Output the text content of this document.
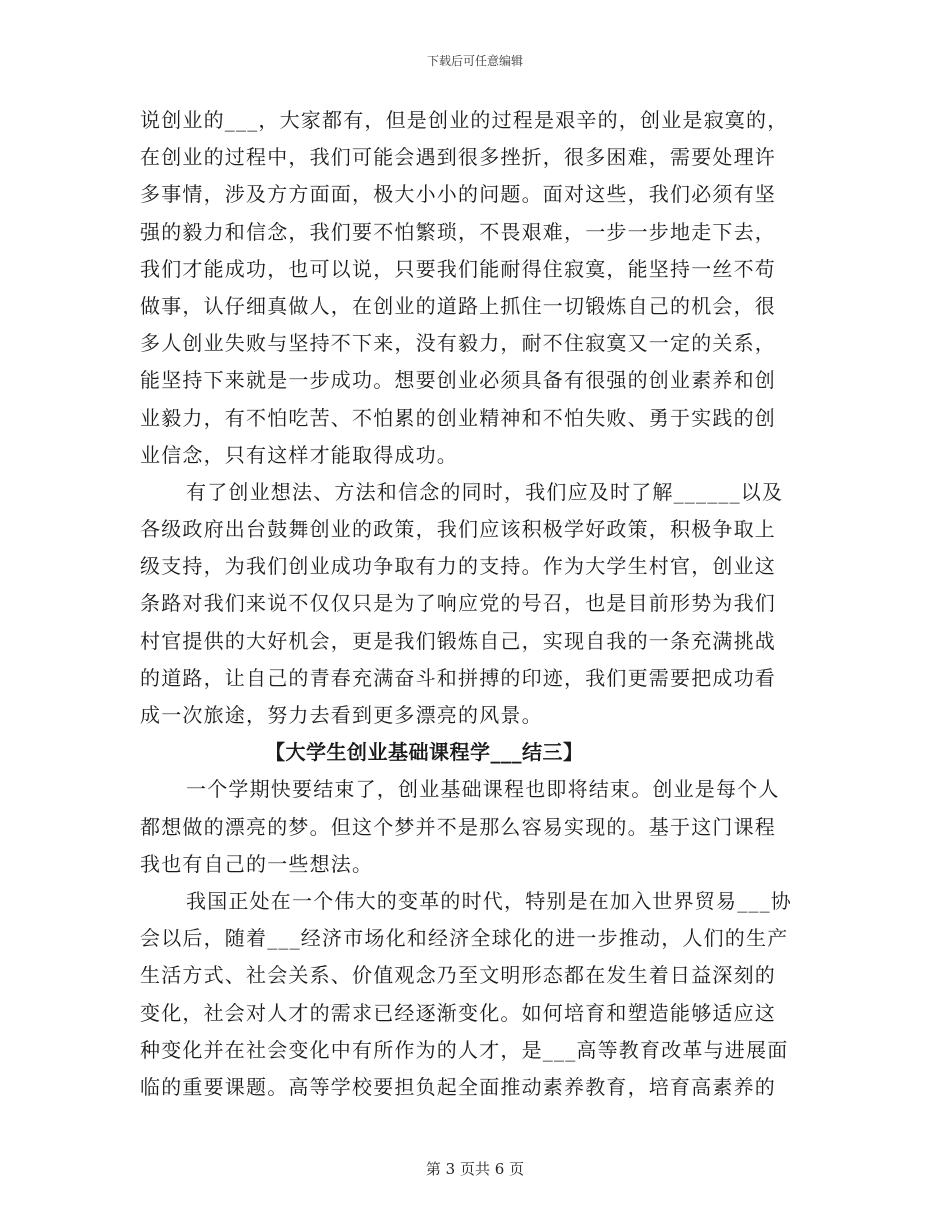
下载后可任意编辑
说创业的___，大家都有，但是创业的过程是艰辛的，创业是寂寞的，
在创业的过程中，我们可能会遇到很多挫折，很多困难，需要处理许
多事情，涉及方方面面，极大小小的问题。面对这些，我们必须有坚
强的毅力和信念，我们要不怕繁琐，不畏艰难，一步一步地走下去，
我们才能成功，也可以说，只要我们能耐得住寂寞，能坚持一丝不苟
做事，认仔细真做人，在创业的道路上抓住一切锻炼自己的机会，很
多人创业失败与坚持不下来，没有毅力，耐不住寂寞又一定的关系，
能坚持下来就是一步成功。想要创业必须具备有很强的创业素养和创
业毅力，有不怕吃苦、不怕累的创业精神和不怕失败、勇于实践的创
业信念，只有这样才能取得成功。
有了创业想法、方法和信念的同时，我们应及时了解______以及
各级政府出台鼓舞创业的政策，我们应该积极学好政策，积极争取上
级支持，为我们创业成功争取有力的支持。作为大学生村官，创业这
条路对我们来说不仅仅只是为了响应党的号召，也是目前形势为我们
村官提供的大好机会，更是我们锻炼自己，实现自我的一条充满挑战
的道路，让自己的青春充满奋斗和拼搏的印迹，我们更需要把成功看
成一次旅途，努力去看到更多漂亮的风景。
【大学生创业基础课程学___结三】
一个学期快要结束了，创业基础课程也即将结束。创业是每个人
都想做的漂亮的梦。但这个梦并不是那么容易实现的。基于这门课程
我也有自己的一些想法。
我国正处在一个伟大的变革的时代，特别是在加入世界贸易___协
会以后，随着___经济市场化和经济全球化的进一步推动，人们的生产
生活方式、社会关系、价值观念乃至文明形态都在发生着日益深刻的
变化，社会对人才的需求已经逐渐变化。如何培育和塑造能够适应这
种变化并在社会变化中有所作为的人才，是___高等教育改革与进展面
临的重要课题。高等学校要担负起全面推动素养教育，培育高素养的
第 3 页共 6 页
